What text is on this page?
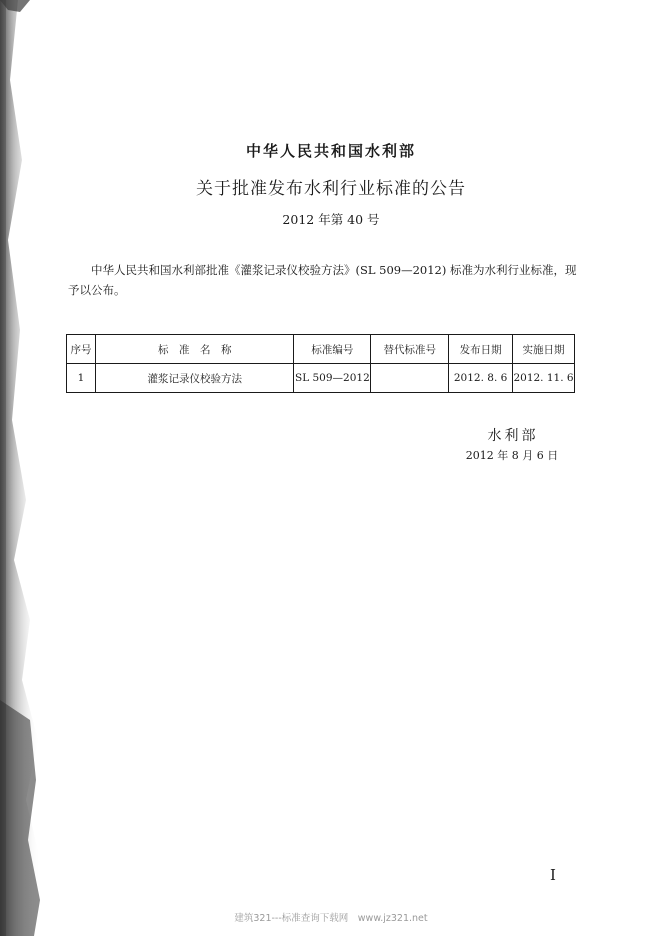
中华人民共和国水利部
关于批准发布水利行业标准的公告
2012 年第 40 号

中华人民共和国水利部批准《灌浆记录仪校验方法》(SL 509—2012) 标准为水利行业标准，现予以公布。

序号	标　准　名　称	标准编号	替代标准号	发布日期	实施日期
1	灌浆记录仪校验方法	SL 509—2012		2012. 8. 6	2012. 11. 6
水利部
2012 年 8 月 6 日
I
建筑321---标准查询下载网　www.jz321.net
